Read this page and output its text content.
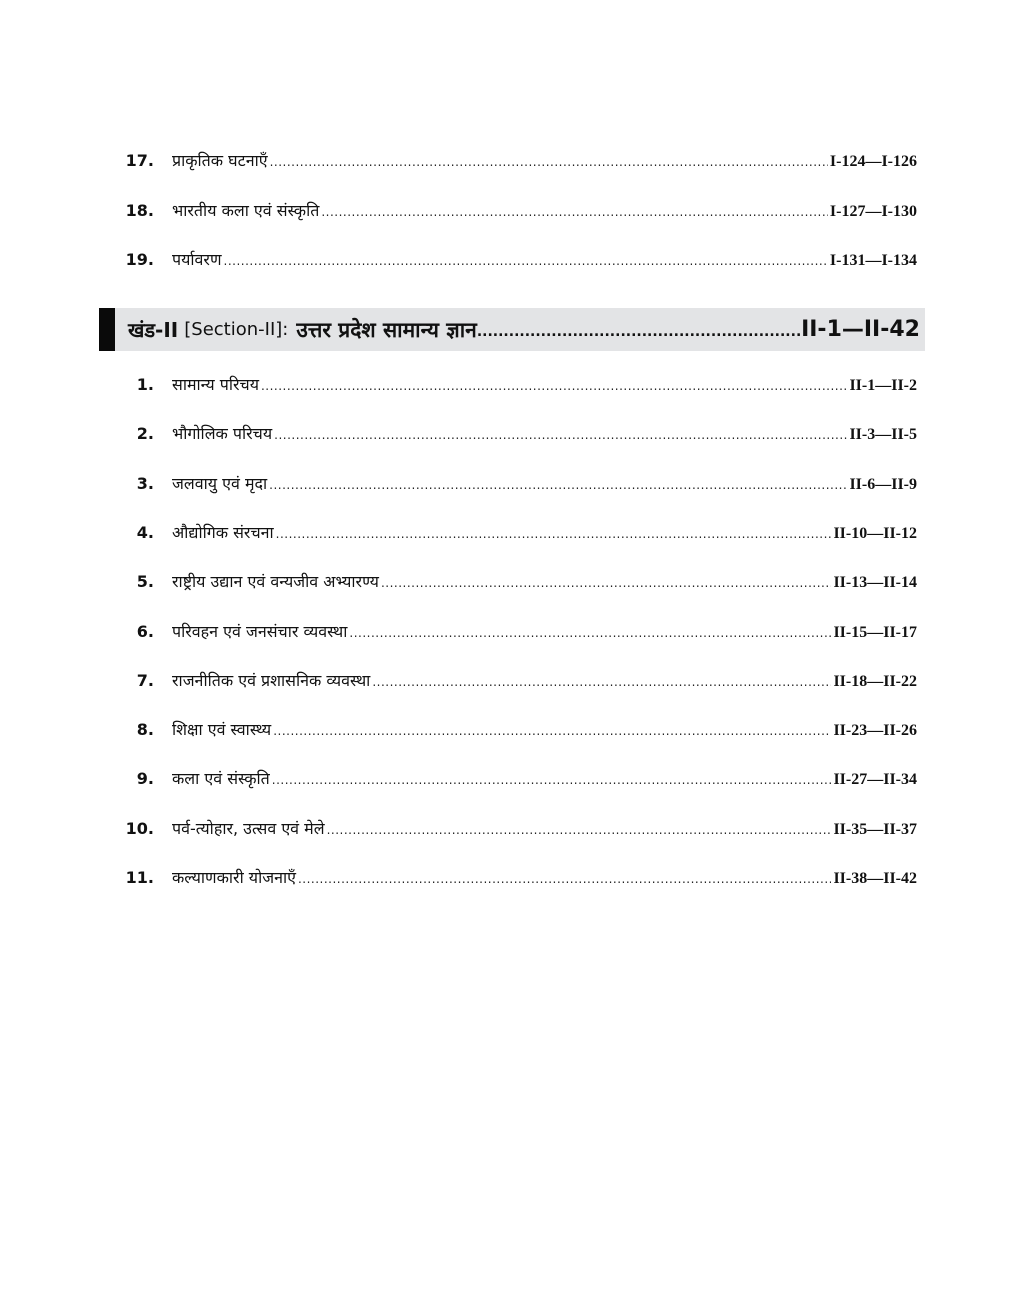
17. प्राकृतिक घटनाएँ .....	I-124—I-126
18. भारतीय कला एवं संस्कृति .....	I-127—I-130
19. पर्यावरण .....	I-131—I-134
खंड-II [Section-II]: उत्तर प्रदेश सामान्य ज्ञान .....	II-1—II-42
1. सामान्य परिचय .....	II-1—II-2
2. भौगोलिक परिचय .....	II-3—II-5
3. जलवायु एवं मृदा .....	II-6—II-9
4. औद्योगिक संरचना .....	II-10—II-12
5. राष्ट्रीय उद्यान एवं वन्यजीव अभ्यारण्य .....	II-13—II-14
6. परिवहन एवं जनसंचार व्यवस्था .....	II-15—II-17
7. राजनीतिक एवं प्रशासनिक व्यवस्था .....	II-18—II-22
8. शिक्षा एवं स्वास्थ्य .....	II-23—II-26
9. कला एवं संस्कृति .....	II-27—II-34
10. पर्व-त्योहार, उत्सव एवं मेले .....	II-35—II-37
11. कल्याणकारी योजनाएँ .....	II-38—II-42
